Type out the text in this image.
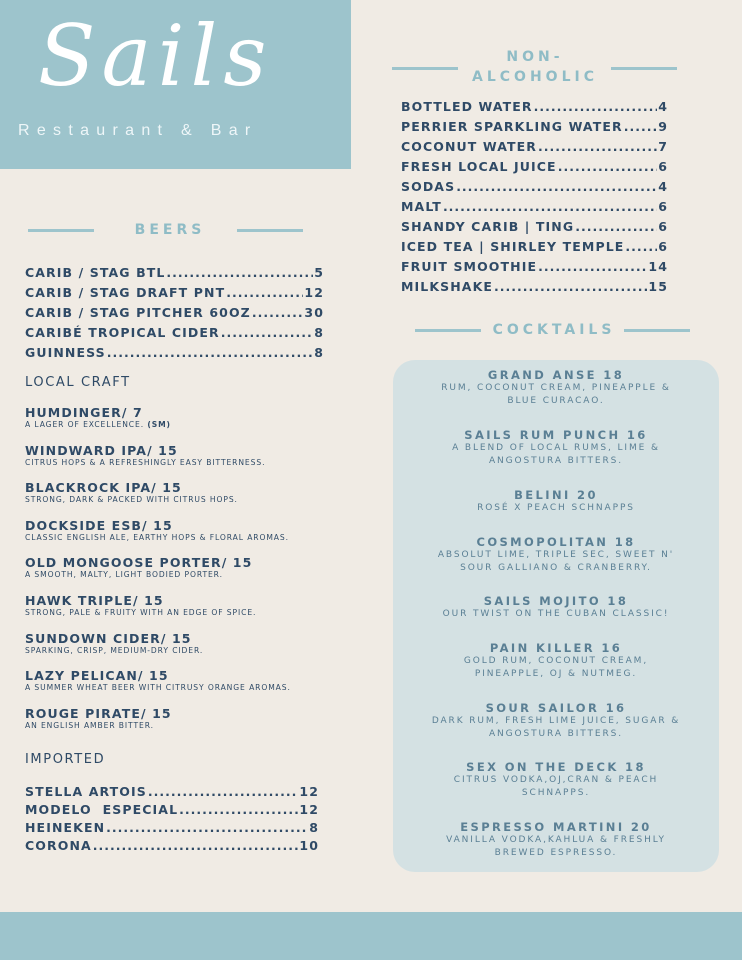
Sails
Restaurant & Bar
BEERS
CARIB / STAG BTL .....	5
CARIB / STAG DRAFT PNT .....	12
CARIB / STAG PITCHER 60OZ .....	30
CARIBÉ TROPICAL CIDER .....	8
GUINNESS .....	8
LOCAL CRAFT
HUMDINGER/ 7
A LAGER OF EXCELLENCE. (SM)
WINDWARD IPA/ 15
CITRUS HOPS & A REFRESHINGLY EASY BITTERNESS.
BLACKROCK IPA/ 15
STRONG, DARK & PACKED WITH CITRUS HOPS.
DOCKSIDE ESB/ 15
CLASSIC ENGLISH ALE, EARTHY HOPS & FLORAL AROMAS.
OLD MONGOOSE PORTER/ 15
A SMOOTH, MALTY, LIGHT BODIED PORTER.
HAWK TRIPLE/ 15
STRONG, PALE & FRUITY WITH AN EDGE OF SPICE.
SUNDOWN CIDER/ 15
SPARKING, CRISP, MEDIUM-DRY CIDER.
LAZY PELICAN/ 15
A SUMMER WHEAT BEER WITH CITRUSY ORANGE AROMAS.
ROUGE PIRATE/ 15
AN ENGLISH AMBER BITTER.
IMPORTED
STELLA ARTOIS .....	12
MODELO  ESPECIAL .....	12
HEINEKEN .....	8
CORONA .....	10
NON-
ALCOHOLIC
BOTTLED WATER .....	4
PERRIER SPARKLING WATER .....	9
COCONUT WATER .....	7
FRESH LOCAL JUICE .....	6
SODAS .....	4
MALT .....	6
SHANDY CARIB | TING .....	6
ICED TEA | SHIRLEY TEMPLE .....	6
FRUIT SMOOTHIE .....	14
MILKSHAKE .....	15
COCKTAILS
GRAND ANSE 18
RUM, COCONUT CREAM, PINEAPPLE &
BLUE CURACAO.
SAILS RUM PUNCH 16
A BLEND OF LOCAL RUMS, LIME &
ANGOSTURA BITTERS.
BELINI 20
ROSÉ X PEACH SCHNAPPS
COSMOPOLITAN 18
ABSOLUT LIME, TRIPLE SEC, SWEET N'
SOUR GALLIANO & CRANBERRY.
SAILS MOJITO 18
OUR TWIST ON THE CUBAN CLASSIC!
PAIN KILLER 16
GOLD RUM, COCONUT CREAM,
PINEAPPLE, OJ & NUTMEG.
SOUR SAILOR 16
DARK RUM, FRESH LIME JUICE, SUGAR &
ANGOSTURA BITTERS.
SEX ON THE DECK 18
CITRUS VODKA,OJ,CRAN & PEACH
SCHNAPPS.
ESPRESSO MARTINI 20
VANILLA VODKA,KAHLUA & FRESHLY
BREWED ESPRESSO.
